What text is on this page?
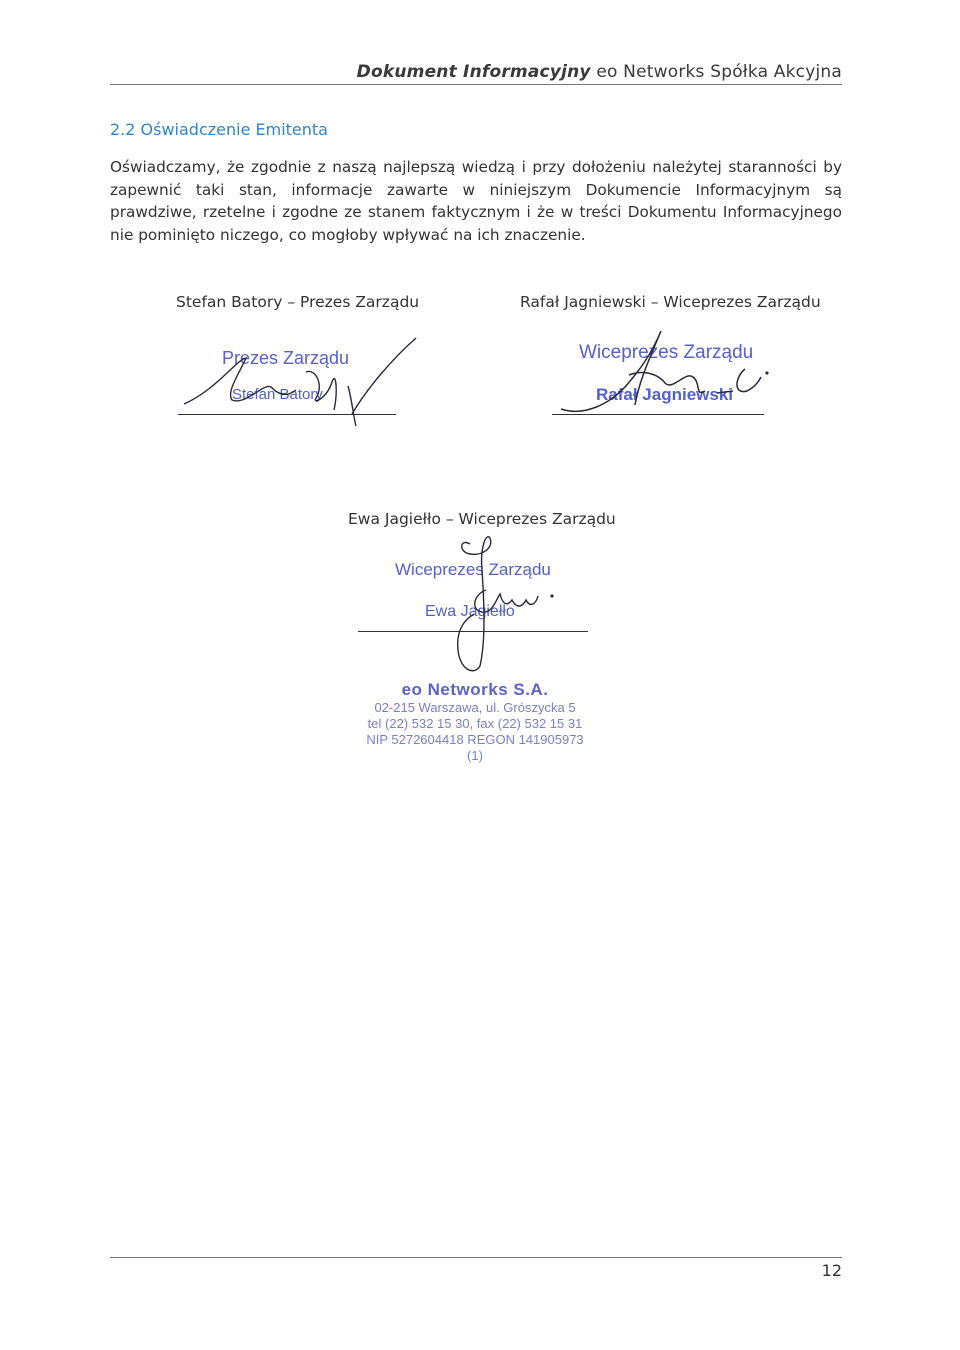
Dokument Informacyjny eo Networks Spółka Akcyjna
2.2 Oświadczenie Emitenta
Oświadczamy, że zgodnie z naszą najlepszą wiedzą i przy dołożeniu należytej staranności by zapewnić taki stan, informacje zawarte w niniejszym Dokumencie Informacyjnym są prawdziwe, rzetelne i zgodne ze stanem faktycznym i że w treści Dokumentu Informacyjnego nie pominięto niczego, co mogłoby wpływać na ich znaczenie.
Stefan Batory – Prezes Zarządu
Prezes Zarządu
Stefan Batory
Rafał Jagniewski – Wiceprezes Zarządu
Wiceprezes Zarządu
Rafał Jagniewski
Ewa Jagiełło – Wiceprezes Zarządu
Wiceprezes Zarządu
Ewa Jagiełło
eo Networks S.A.
02-215 Warszawa, ul. Grószycka 5
tel (22) 532 15 30, fax (22) 532 15 31
NIP 5272604418 REGON 141905973
(1)
12
